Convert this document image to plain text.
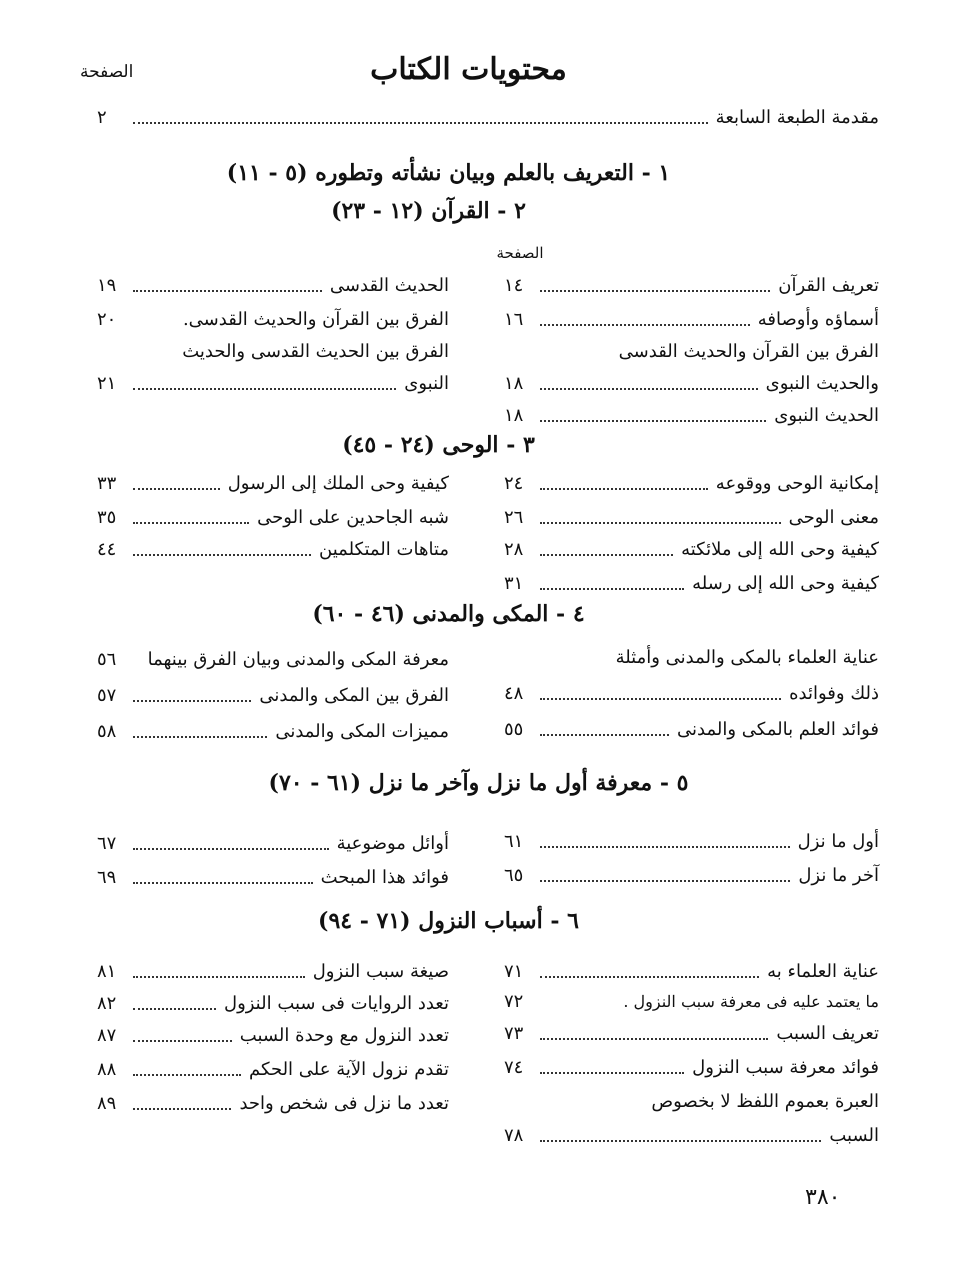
محتويات الكتاب
الصفحة
مقدمة الطبعة السابعة
٢
١ - التعريف بالعلم وبيان نشأته وتطوره (٥ - ١١)
٢ - القرآن (١٢ - ٢٣)
الصفحة
تعريف القرآن
١٤
أسماؤه وأوصافه
١٦
الفرق بين القرآن والحديث القدسى
والحديث النبوى
١٨
الحديث النبوى
١٨
الحديث القدسى
١٩
الفرق بين القرآن والحديث القدسى.
٢٠
الفرق بين الحديث القدسى والحديث
النبوى
٢١
٣ - الوحى (٢٤ - ٤٥)
إمكانية الوحى ووقوعه
٢٤
معنى الوحى
٢٦
كيفية وحى الله إلى ملائكته
٢٨
كيفية وحى الله إلى رسله
٣١
كيفية وحى الملك إلى الرسول
٣٣
شبه الجاحدين على الوحى
٣٥
متاهات المتكلمين
٤٤
٤ - المكى والمدنى (٤٦ - ٦٠)
عناية العلماء بالمكى والمدنى وأمثلة
ذلك وفوائده
٤٨
فوائد العلم بالمكى والمدنى
٥٥
معرفة المكى والمدنى وبيان الفرق بينهما
٥٦
الفرق بين المكى والمدنى
٥٧
مميزات المكى والمدنى
٥٨
٥ - معرفة أول ما نزل وآخر ما نزل (٦١ - ٧٠)
أول ما نزل
٦١
آخر ما نزل
٦٥
أوائل موضوعية
٦٧
فوائد هذا المبحث
٦٩
٦ - أسباب النزول (٧١ - ٩٤)
عناية العلماء به
٧١
ما يعتمد عليه فى معرفة سبب النزول .
٧٢
تعريف السبب
٧٣
فوائد معرفة سبب النزول
٧٤
العبرة بعموم اللفظ لا بخصوص
السبب
٧٨
صيغة سبب النزول
٨١
تعدد الروايات فى سبب النزول
٨٢
تعدد النزول مع وحدة السبب
٨٧
تقدم نزول الآية على الحكم
٨٨
تعدد ما نزل فى شخص واحد
٨٩
٣٨٠
